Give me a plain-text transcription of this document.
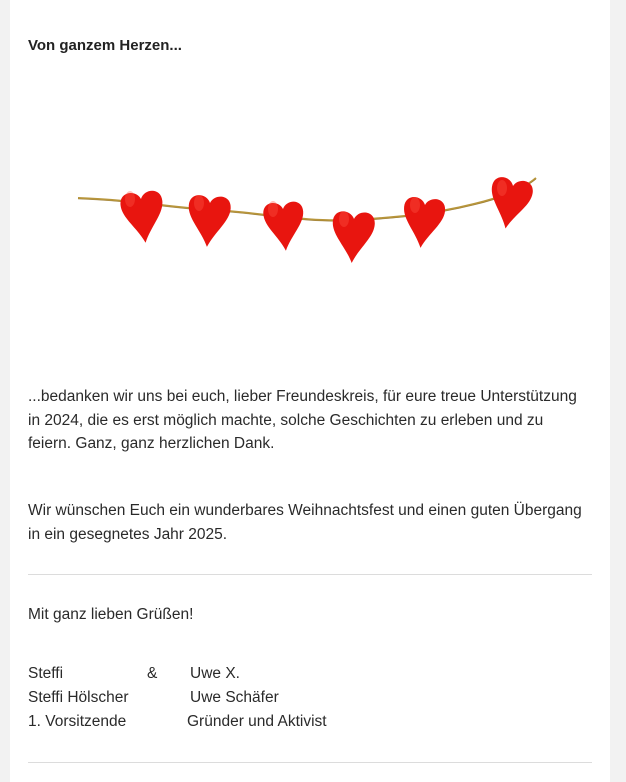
Von ganzem Herzen...
...bedanken wir uns bei euch, lieber Freundeskreis, für eure treue Unterstützung in 2024, die es erst möglich machte, solche Geschichten zu erleben und zu feiern. Ganz, ganz herzlichen Dank.
Wir wünschen Euch ein wunderbares Weihnachtsfest und einen guten Übergang in ein gesegnetes Jahr 2025.
Mit ganz lieben Grüßen!
Steffi	& Uwe X.
Steffi Hölscher	Uwe Schäfer
1. Vorsitzende	Gründer und Aktivist
